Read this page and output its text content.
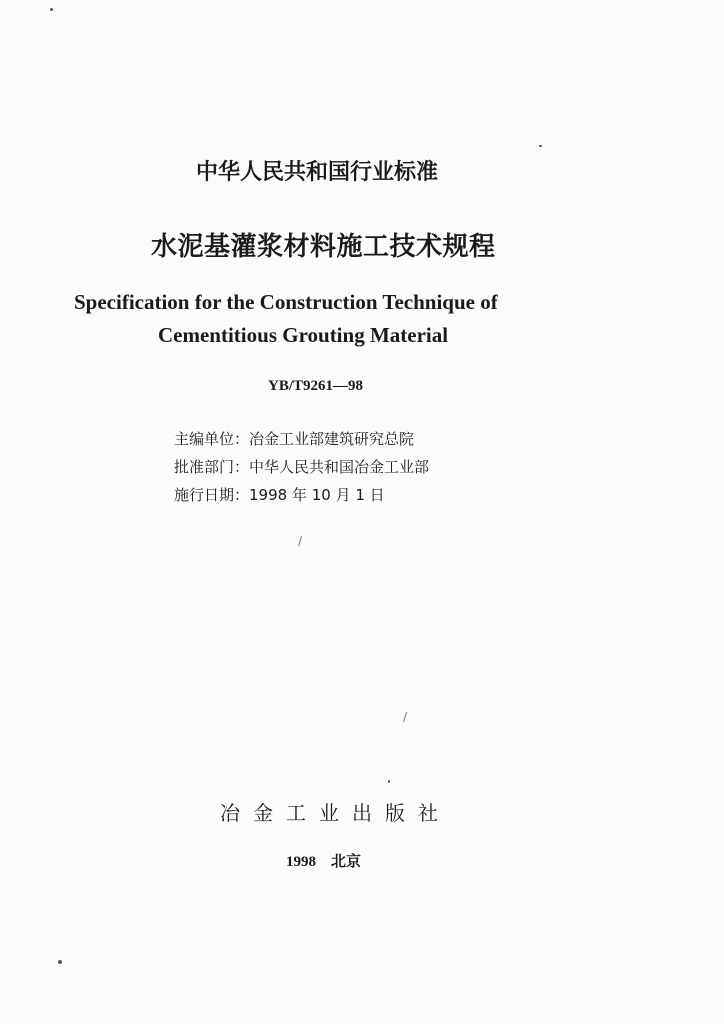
中华人民共和国行业标准
水泥基灌浆材料施工技术规程
Specification for the Construction Technique of
Cementitious Grouting Material
YB/T9261—98
主编单位：冶金工业部建筑研究总院
批准部门：中华人民共和国冶金工业部
施行日期：1998 年 10 月 1 日
冶金工业出版社
1998　北京
/
/
